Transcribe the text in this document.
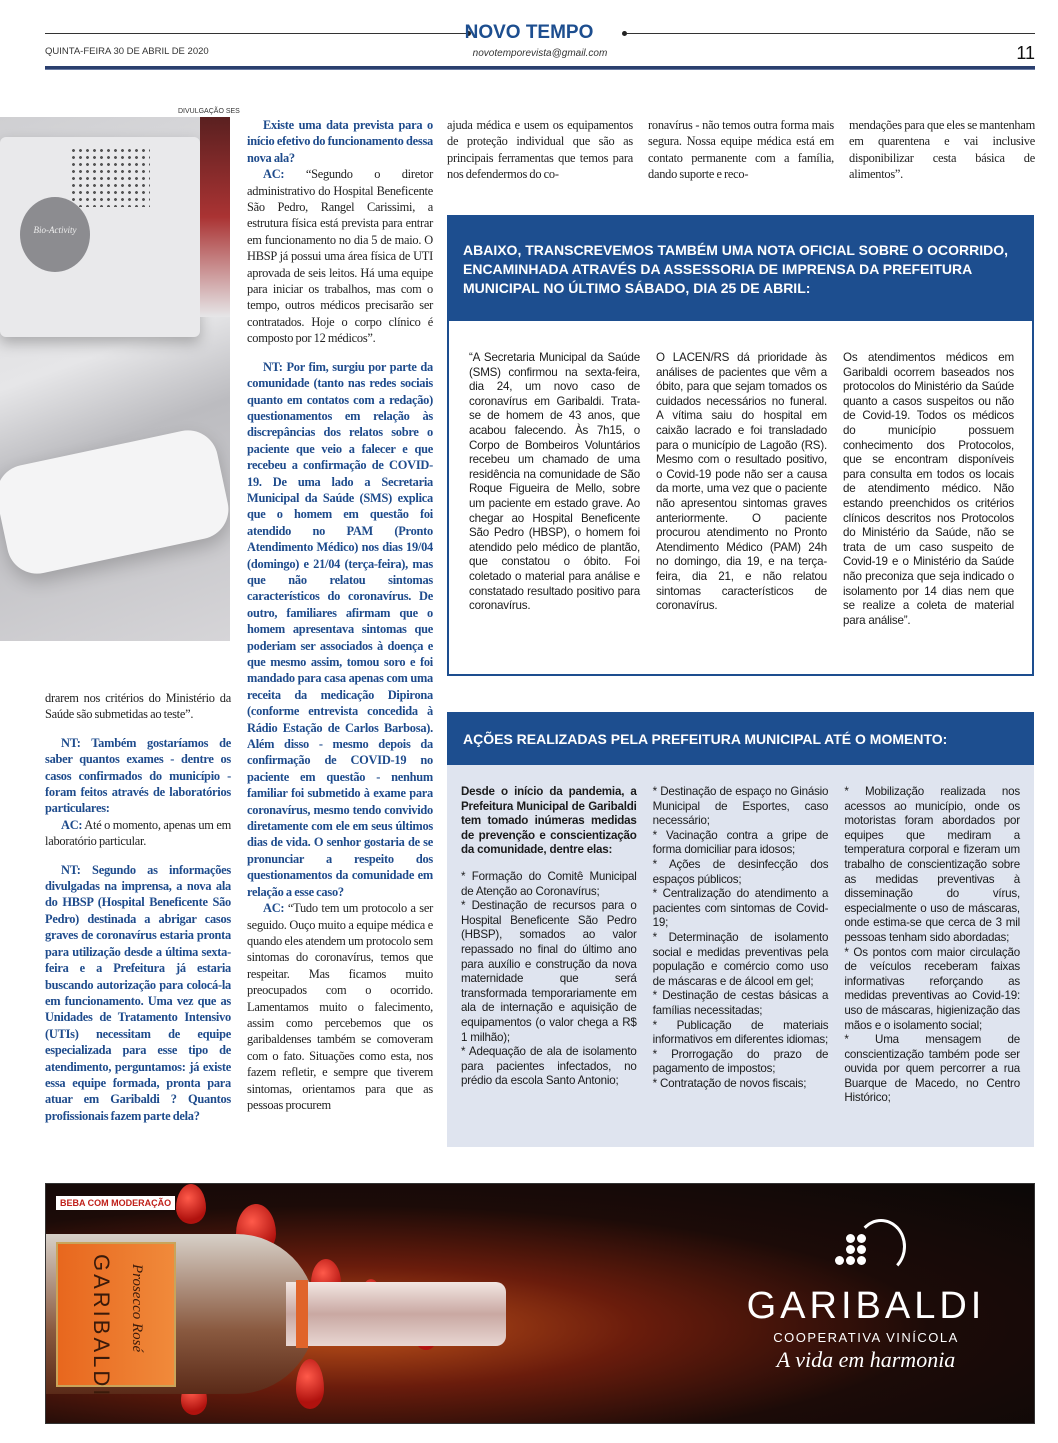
NOVO TEMPO
QUINTA-FEIRA 30 DE ABRIL DE 2020	novotemporevista@gmail.com	11
DIVULGAÇÃO SES
Bio-Activity

drarem nos critérios do Ministério da Saúde são submetidas ao teste”.

NT: Também gostaríamos de saber quantos exames - dentre os casos confirmados do município - foram feitos através de laboratórios particulares:

AC: Até o momento, apenas um em laboratório particular.

NT: Segundo as informações divulgadas na imprensa, a nova ala do HBSP (Hospital Beneficente São Pedro) destinada a abrigar casos graves de coronavírus estaria pronta para utilização desde a última sexta-feira e a Prefeitura já estaria buscando autorização para colocá-la em funcionamento. Uma vez que as Unidades de Tratamento Intensivo (UTIs) necessitam de equipe especializada para esse tipo de atendimento, perguntamos: já existe essa equipe formada, pronta para atuar em Garibaldi ? Quantos profissionais fazem parte dela?

Existe uma data prevista para o início efetivo do funcionamento dessa nova ala?

AC: “Segundo o diretor administrativo do Hospital Beneficente São Pedro, Rangel Carissimi, a estrutura física está prevista para entrar em funcionamento no dia 5 de maio. O HBSP já possui uma área física de UTI aprovada de seis leitos. Há uma equipe para iniciar os trabalhos, mas com o tempo, outros médicos precisarão ser contratados. Hoje o corpo clínico é composto por 12 médicos”.

NT: Por fim, surgiu por parte da comunidade (tanto nas redes sociais quanto em contatos com a redação) questionamentos em relação às discrepâncias dos relatos sobre o paciente que veio a falecer e que recebeu a confirmação de COVID-19. De uma lado a Secretaria Municipal da Saúde (SMS) explica que o homem em questão foi atendido no PAM (Pronto Atendimento Médico) nos dias 19/04 (domingo) e 21/04 (terça-feira), mas que não relatou sintomas característicos do coronavírus. De outro, familiares afirmam que o homem apresentava sintomas que poderiam ser associados à doença e que mesmo assim, tomou soro e foi mandado para casa apenas com uma receita da medicação Dipirona (conforme entrevista concedida à Rádio Estação de Carlos Barbosa). Além disso - mesmo depois da confirmação de COVID-19 no paciente em questão - nenhum familiar foi submetido à exame para coronavírus, mesmo tendo convivido diretamente com ele em seus últimos dias de vida. O senhor gostaria de se pronunciar a respeito dos questionamentos da comunidade em relação a esse caso?

AC: “Tudo tem um protocolo a ser seguido. Ouço muito a equipe médica e quando eles atendem um protocolo sem sintomas do coronavírus, temos que respeitar. Mas ficamos muito preocupados com o ocorrido. Lamentamos muito o falecimento, assim como percebemos que os garibaldenses também se comoveram com o fato. Situações como esta, nos fazem refletir, e sempre que tiverem sintomas, orientamos para que as pessoas procurem

ajuda médica e usem os equipamentos de proteção individual que são as principais ferramentas que temos para nos defendermos do co-

ronavírus - não temos outra forma mais segura. Nossa equipe médica está em contato permanente com a família, dando suporte e reco-

mendações para que eles se mantenham em quarentena e vai inclusive disponibilizar cesta básica de alimentos”.

ABAIXO, TRANSCREVEMOS TAMBÉM UMA NOTA OFICIAL SOBRE O OCORRIDO, ENCAMINHADA ATRAVÉS DA ASSESSORIA DE IMPRENSA DA PREFEITURA MUNICIPAL NO ÚLTIMO SÁBADO, DIA 25 DE ABRIL:

“A Secretaria Municipal da Saúde (SMS) confirmou na sexta-feira, dia 24, um novo caso de coronavírus em Garibaldi. Trata-se de homem de 43 anos, que acabou falecendo. Às 7h15, o Corpo de Bombeiros Voluntários recebeu um chamado de uma residência na comunidade de São Roque Figueira de Mello, sobre um paciente em estado grave. Ao chegar ao Hospital Beneficente São Pedro (HBSP), o homem foi atendido pelo médico de plantão, que constatou o óbito. Foi coletado o material para análise e constatado resultado positivo para coronavírus.

O LACEN/RS dá prioridade às análises de pacientes que vêm a óbito, para que sejam tomados os cuidados necessários no funeral. A vítima saiu do hospital em caixão lacrado e foi transladado para o município de Lagoão (RS). Mesmo com o resultado positivo, o Covid-19 pode não ser a causa da morte, uma vez que o paciente não apresentou sintomas graves anteriormente. O paciente procurou atendimento no Pronto Atendimento Médico (PAM) 24h no domingo, dia 19, e na terça-feira, dia 21, e não relatou sintomas característicos de coronavírus.

Os atendimentos médicos em Garibaldi ocorrem baseados nos protocolos do Ministério da Saúde quanto a casos suspeitos ou não de Covid-19. Todos os médicos do município possuem conhecimento dos Protocolos, que se encontram disponíveis para consulta em todos os locais de atendimento médico. Não estando preenchidos os critérios clínicos descritos nos Protocolos do Ministério da Saúde, não se trata de um caso suspeito de Covid-19 e o Ministério da Saúde não preconiza que seja indicado o isolamento por 14 dias nem que se realize a coleta de material para análise”.

AÇÕES REALIZADAS PELA PREFEITURA MUNICIPAL ATÉ O MOMENTO:

Desde o início da pandemia, a Prefeitura Municipal de Garibaldi tem tomado inúmeras medidas de prevenção e conscientização da comunidade, dentre elas:

* Formação do Comitê Municipal de Atenção ao Coronavírus;

* Destinação de recursos para o Hospital Beneficente São Pedro (HBSP), somados ao valor repassado no final do último ano para auxílio e construção da nova maternidade que será transformada temporariamente em ala de internação e aquisição de equipamentos (o valor chega a R$ 1 milhão);

* Adequação de ala de isolamento para pacientes infectados, no prédio da escola Santo Antonio;

* Destinação de espaço no Ginásio Municipal de Esportes, caso necessário;

* Vacinação contra a gripe de forma domiciliar para idosos;

* Ações de desinfecção dos espaços públicos;

* Centralização do atendimento a pacientes com sintomas de Covid-19;

* Determinação de isolamento social e medidas preventivas pela população e comércio como uso de máscaras e de álcool em gel;

* Destinação de cestas básicas a famílias necessitadas;

* Publicação de materiais informativos em diferentes idiomas;

* Prorrogação do prazo de pagamento de impostos;

* Contratação de novos fiscais;

* Mobilização realizada nos acessos ao município, onde os motoristas foram abordados por equipes que mediram a temperatura corporal e fizeram um trabalho de conscientização sobre as medidas preventivas à disseminação do vírus, especialmente o uso de máscaras, onde estima-se que cerca de 3 mil pessoas tenham sido abordadas;

* Os pontos com maior circulação de veículos receberam faixas informativas reforçando as medidas preventivas ao Covid-19: uso de máscaras, higienização das mãos e o isolamento social;

* Uma mensagem de conscientização também pode ser ouvida por quem percorrer a rua Buarque de Macedo, no Centro Histórico;

GARIBALDI Prosecco Rosé
BEBA COM MODERAÇÃO
GARIBALDI
COOPERATIVA VINÍCOLA
A vida em harmonia
